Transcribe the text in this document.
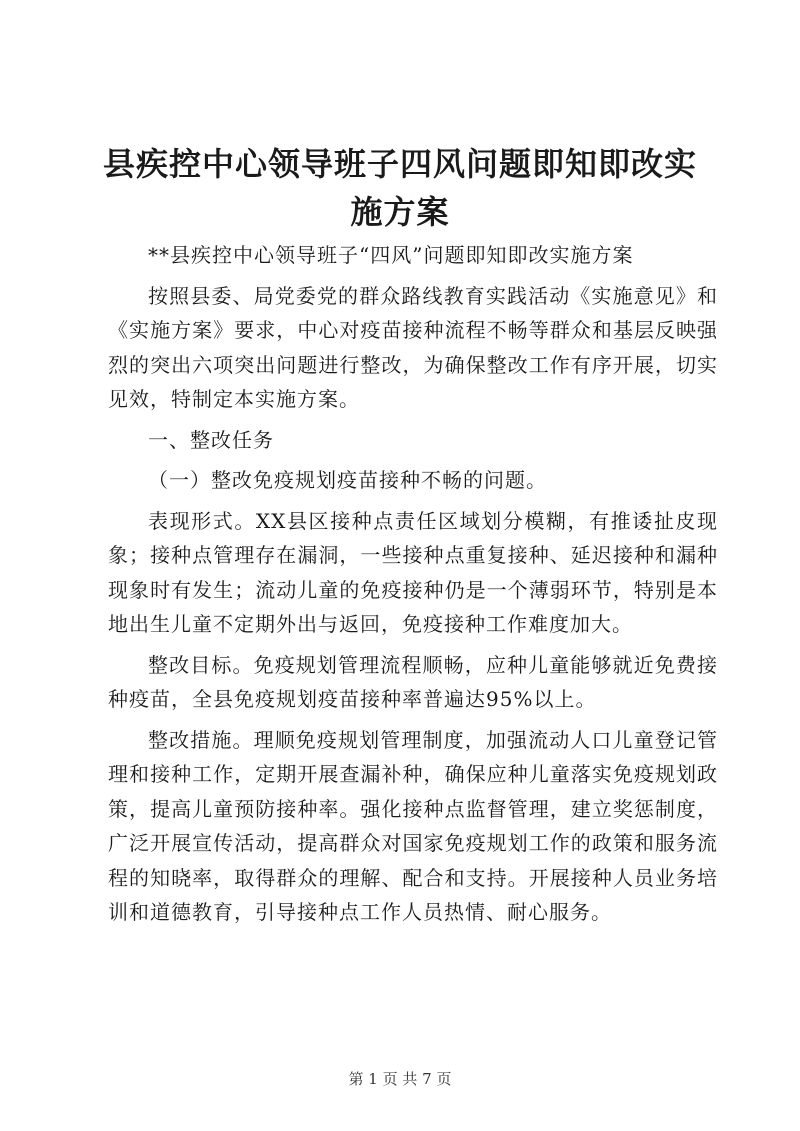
县疾控中心领导班子四风问题即知即改实施方案

**县疾控中心领导班子“四风”问题即知即改实施方案

按照县委、局党委党的群众路线教育实践活动《实施意见》和《实施方案》要求，中心对疫苗接种流程不畅等群众和基层反映强烈的突出六项突出问题进行整改，为确保整改工作有序开展，切实见效，特制定本实施方案。

一、整改任务

（一）整改免疫规划疫苗接种不畅的问题。

表现形式。XX县区接种点责任区域划分模糊，有推诿扯皮现象；接种点管理存在漏洞，一些接种点重复接种、延迟接种和漏种现象时有发生；流动儿童的免疫接种仍是一个薄弱环节，特别是本地出生儿童不定期外出与返回，免疫接种工作难度加大。

整改目标。免疫规划管理流程顺畅，应种儿童能够就近免费接种疫苗，全县免疫规划疫苗接种率普遍达95%以上。

整改措施。理顺免疫规划管理制度，加强流动人口儿童登记管理和接种工作，定期开展查漏补种，确保应种儿童落实免疫规划政策，提高儿童预防接种率。强化接种点监督管理，建立奖惩制度，广泛开展宣传活动，提高群众对国家免疫规划工作的政策和服务流程的知晓率，取得群众的理解、配合和支持。开展接种人员业务培训和道德教育，引导接种点工作人员热情、耐心服务。

第 1 页 共 7 页
